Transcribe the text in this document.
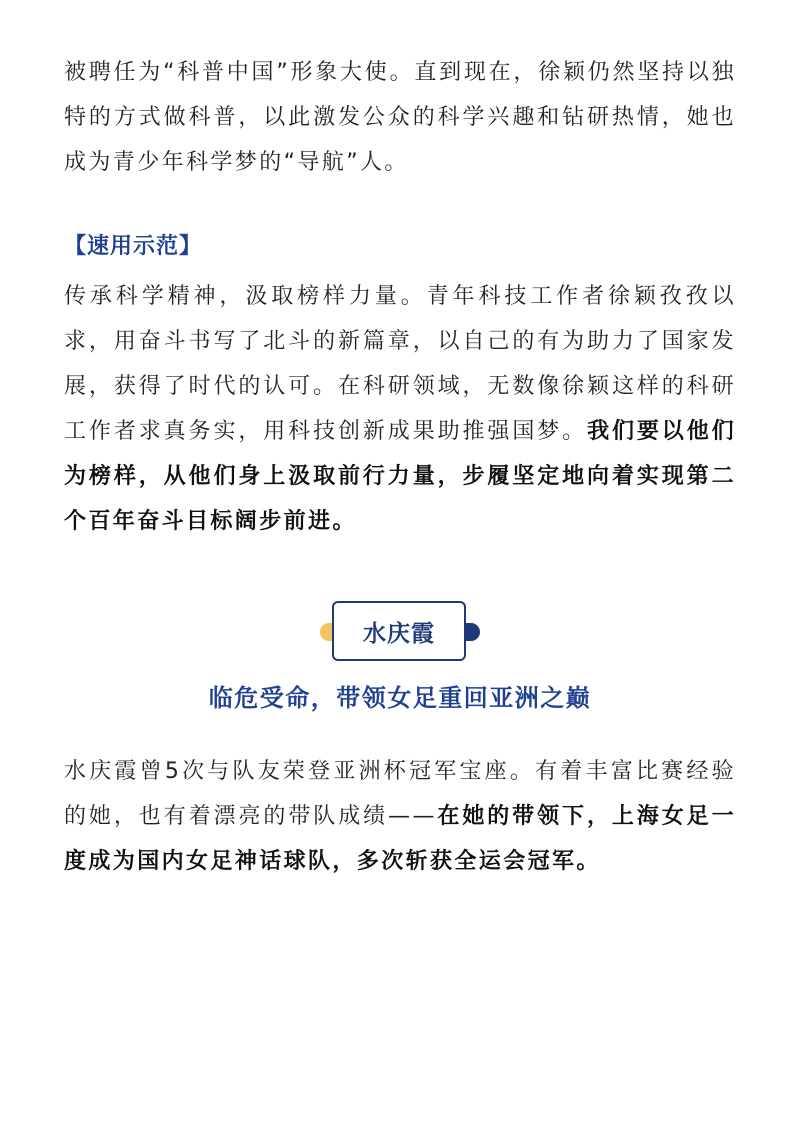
被聘任为“科普中国”形象大使。直到现在，徐颖仍然坚持以独特的方式做科普，以此激发公众的科学兴趣和钻研热情，她也成为青少年科学梦的“导航”人。

【速用示范】

传承科学精神，汲取榜样力量。青年科技工作者徐颖孜孜以求，用奋斗书写了北斗的新篇章，以自己的有为助力了国家发展，获得了时代的认可。在科研领域，无数像徐颖这样的科研工作者求真务实，用科技创新成果助推强国梦。我们要以他们为榜样，从他们身上汲取前行力量，步履坚定地向着实现第二个百年奋斗目标阔步前进。

水庆霞

临危受命，带领女足重回亚洲之巅

水庆霞曾5次与队友荣登亚洲杯冠军宝座。有着丰富比赛经验的她，也有着漂亮的带队成绩——在她的带领下，上海女足一度成为国内女足神话球队，多次斩获全运会冠军。
